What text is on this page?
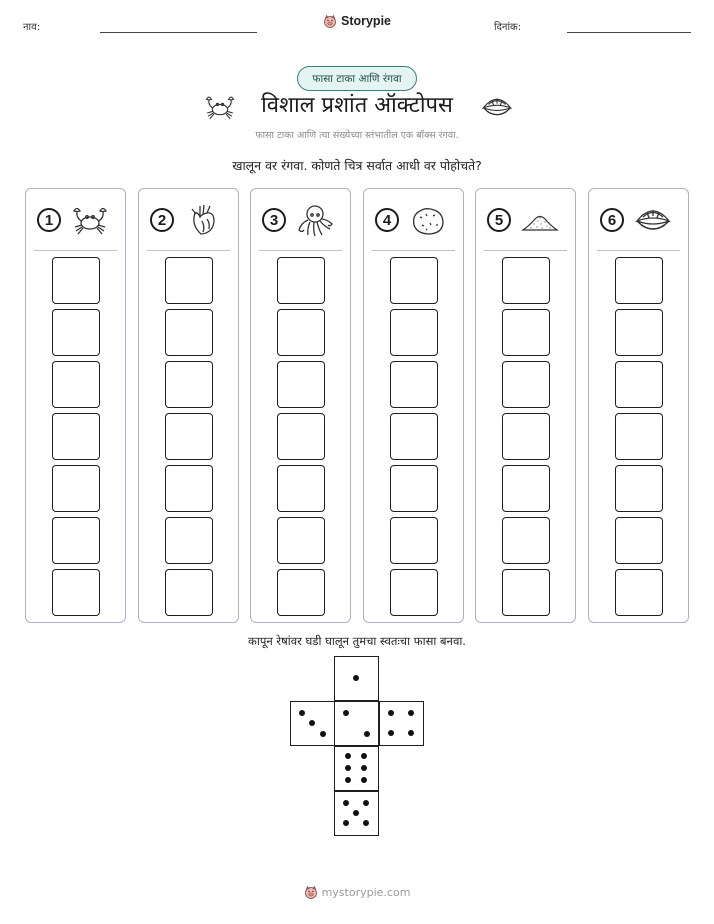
नाव:	Storypie	दिनांक:
फासा टाका आणि रंगवा
विशाल प्रशांत ऑक्टोपस
फासा टाका आणि त्या संख्येच्या स्तंभातील एक बॉक्स रंगवा.
खालून वर रंगवा. कोणते चित्र सर्वात आधी वर पोहोचते?
1	2	3	4	5	6
कापून रेषांवर घडी घालून तुमचा स्वतःचा फासा बनवा.
mystorypie.com
